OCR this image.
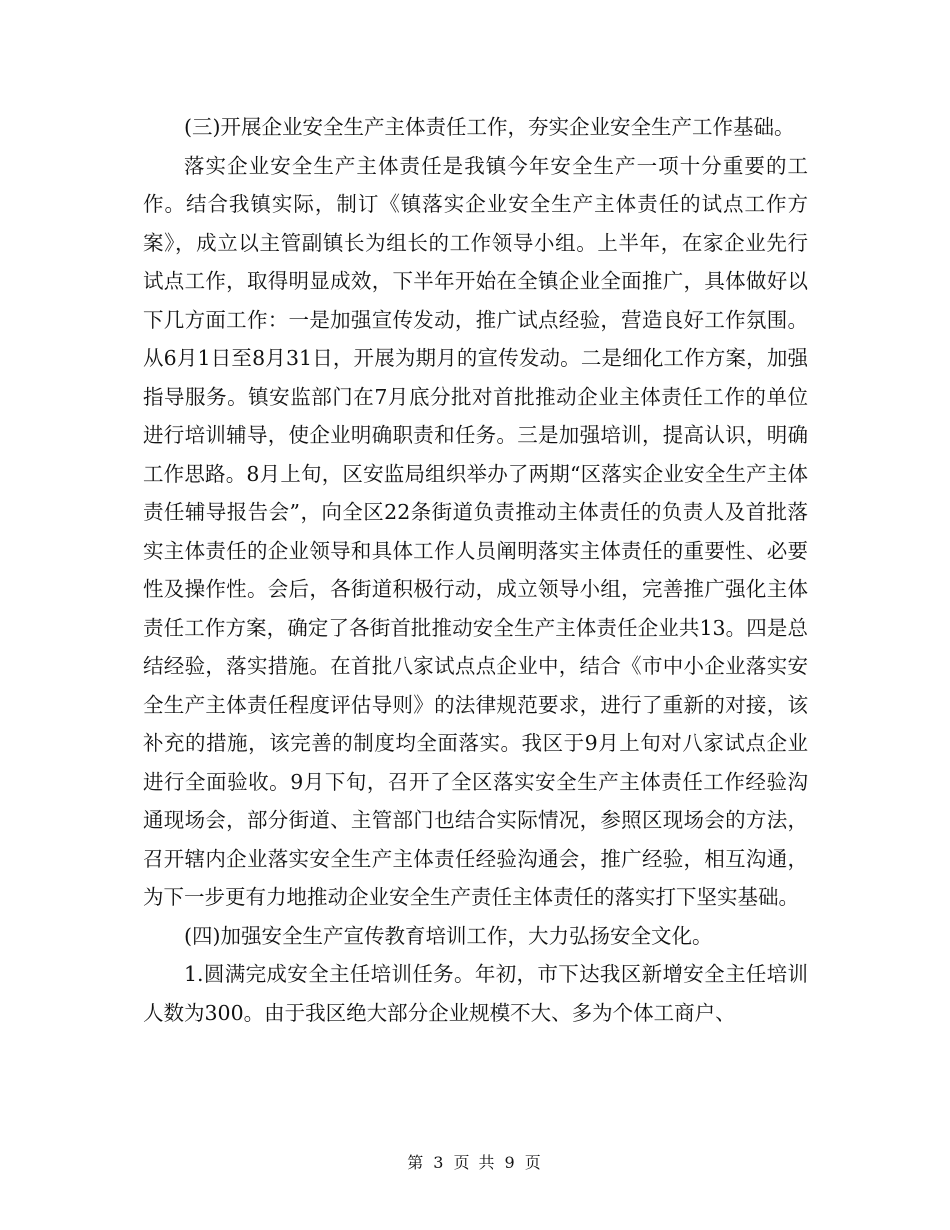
(三)开展企业安全生产主体责任工作，夯实企业安全生产工作基础。

落实企业安全生产主体责任是我镇今年安全生产一项十分重要的工作。结合我镇实际，制订《镇落实企业安全生产主体责任的试点工作方案》，成立以主管副镇长为组长的工作领导小组。上半年，在家企业先行试点工作，取得明显成效，下半年开始在全镇企业全面推广，具体做好以下几方面工作：一是加强宣传发动，推广试点经验，营造良好工作氛围。从6月1日至8月31日，开展为期月的宣传发动。二是细化工作方案，加强指导服务。镇安监部门在7月底分批对首批推动企业主体责任工作的单位进行培训辅导，使企业明确职责和任务。三是加强培训，提高认识，明确工作思路。8月上旬，区安监局组织举办了两期“区落实企业安全生产主体责任辅导报告会”，向全区22条街道负责推动主体责任的负责人及首批落实主体责任的企业领导和具体工作人员阐明落实主体责任的重要性、必要性及操作性。会后，各街道积极行动，成立领导小组，完善推广强化主体责任工作方案，确定了各街首批推动安全生产主体责任企业共13。四是总结经验，落实措施。在首批八家试点点企业中，结合《市中小企业落实安全生产主体责任程度评估导则》的法律规范要求，进行了重新的对接，该补充的措施，该完善的制度均全面落实。我区于9月上旬对八家试点企业进行全面验收。9月下旬，召开了全区落实安全生产主体责任工作经验沟通现场会，部分街道、主管部门也结合实际情况，参照区现场会的方法，召开辖内企业落实安全生产主体责任经验沟通会，推广经验，相互沟通，为下一步更有力地推动企业安全生产责任主体责任的落实打下坚实基础。

(四)加强安全生产宣传教育培训工作，大力弘扬安全文化。

1.圆满完成安全主任培训任务。年初，市下达我区新增安全主任培训人数为300。由于我区绝大部分企业规模不大、多为个体工商户、

第 3 页 共 9 页
